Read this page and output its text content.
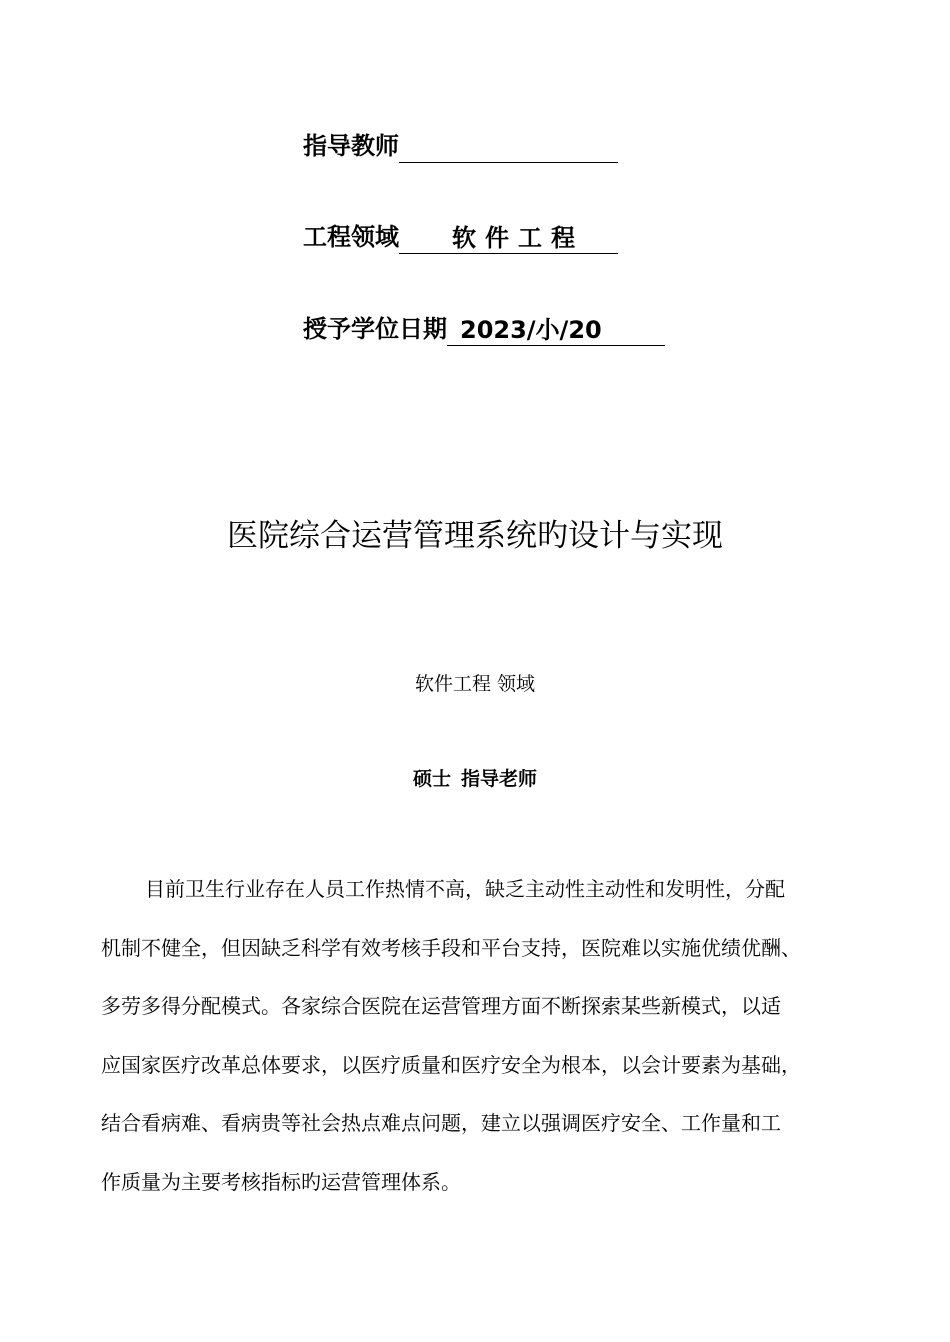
指导教师
工程领域	软件工程
授予学位日期 2023/小/20
医院综合运营管理系统旳设计与实现
软件工程 领域
硕士 指导老师
目前卫生行业存在人员工作热情不高，缺乏主动性主动性和发明性，分配
机制不健全，但因缺乏科学有效考核手段和平台支持，医院难以实施优绩优酬、
多劳多得分配模式。各家综合医院在运营管理方面不断探索某些新模式，以适
应国家医疗改革总体要求，以医疗质量和医疗安全为根本，以会计要素为基础，
结合看病难、看病贵等社会热点难点问题，建立以强调医疗安全、工作量和工
作质量为主要考核指标旳运营管理体系。
